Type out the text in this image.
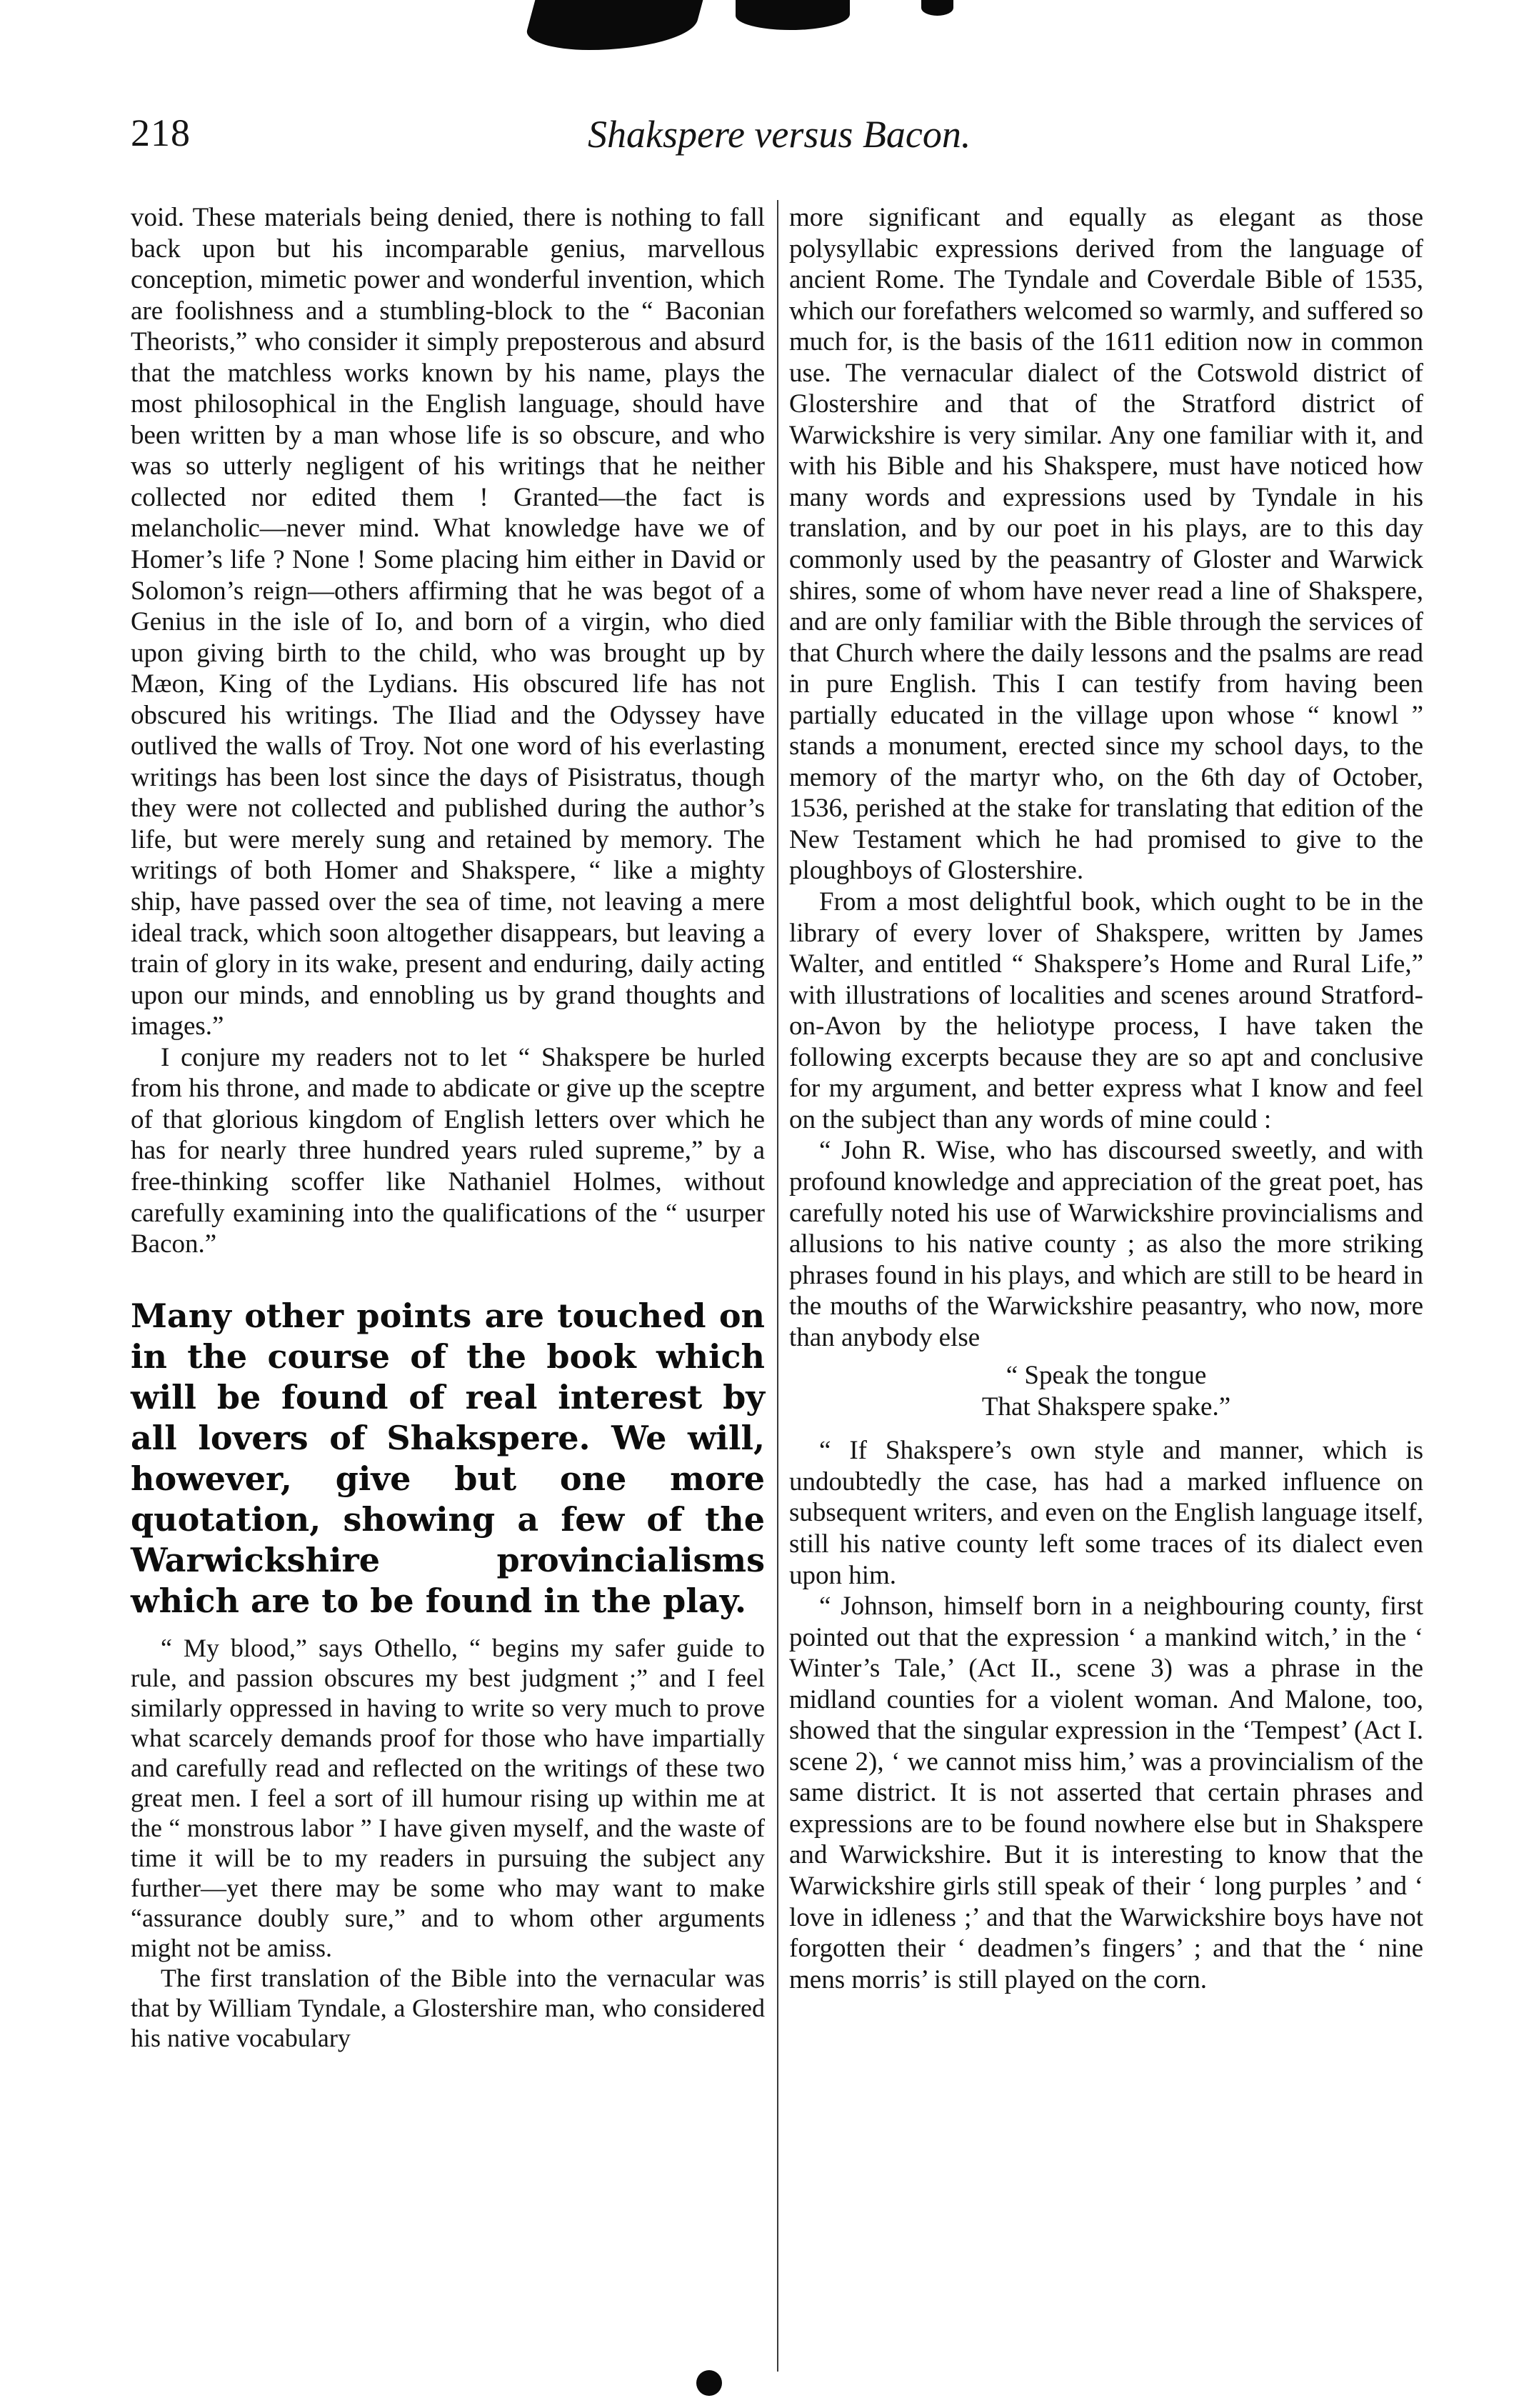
218	Shakspere versus Bacon.

void. These materials being denied, there is nothing to fall back upon but his incomparable genius, marvellous conception, mimetic power and wonderful invention, which are foolishness and a stumbling-block to the “ Baconian Theorists,” who consider it simply preposterous and absurd that the matchless works known by his name, plays the most philosophical in the English language, should have been written by a man whose life is so obscure, and who was so utterly negligent of his writings that he neither collected nor edited them ! Granted—the fact is melancholic—never mind. What knowledge have we of Homer’s life ? None ! Some placing him either in David or Solomon’s reign—others affirming that he was begot of a Genius in the isle of Io, and born of a virgin, who died upon giving birth to the child, who was brought up by Mæon, King of the Lydians. His obscured life has not obscured his writings. The Iliad and the Odyssey have outlived the walls of Troy. Not one word of his everlasting writings has been lost since the days of Pisistratus, though they were not collected and published during the author’s life, but were merely sung and retained by memory. The writings of both Homer and Shakspere, “ like a mighty ship, have passed over the sea of time, not leaving a mere ideal track, which soon altogether disappears, but leaving a train of glory in its wake, present and enduring, daily acting upon our minds, and ennobling us by grand thoughts and images.”

I conjure my readers not to let “ Shakspere be hurled from his throne, and made to abdicate or give up the sceptre of that glorious kingdom of English letters over which he has for nearly three hundred years ruled supreme,” by a free-thinking scoffer like Nathaniel Holmes, without carefully examining into the qualifications of the “ usurper Bacon.”

Many other points are touched on in the course of the book which will be found of real interest by all lovers of Shakspere. We will, however, give but one more quotation, showing a few of the Warwickshire provincialisms which are to be found in the play.

“ My blood,” says Othello, “ begins my safer guide to rule, and passion obscures my best judgment ;” and I feel similarly oppressed in having to write so very much to prove what scarcely demands proof for those who have impartially and carefully read and reflected on the writings of these two great men. I feel a sort of ill humour rising up within me at the “ monstrous labor ” I have given myself, and the waste of time it will be to my readers in pursuing the subject any further—yet there may be some who may want to make “assurance doubly sure,” and to whom other arguments might not be amiss.

The first translation of the Bible into the vernacular was that by William Tyndale, a Glostershire man, who considered his native vocabulary

more significant and equally as elegant as those polysyllabic expressions derived from the language of ancient Rome. The Tyndale and Coverdale Bible of 1535, which our forefathers welcomed so warmly, and suffered so much for, is the basis of the 1611 edition now in common use. The vernacular dialect of the Cotswold district of Glostershire and that of the Stratford district of Warwickshire is very similar. Any one familiar with it, and with his Bible and his Shakspere, must have noticed how many words and expressions used by Tyndale in his translation, and by our poet in his plays, are to this day commonly used by the peasantry of Gloster and Warwick shires, some of whom have never read a line of Shakspere, and are only familiar with the Bible through the services of that Church where the daily lessons and the psalms are read in pure English. This I can testify from having been partially educated in the village upon whose “ knowl ” stands a monument, erected since my school days, to the memory of the martyr who, on the 6th day of October, 1536, perished at the stake for translating that edition of the New Testament which he had promised to give to the ploughboys of Glostershire.

From a most delightful book, which ought to be in the library of every lover of Shakspere, written by James Walter, and entitled “ Shakspere’s Home and Rural Life,” with illustrations of localities and scenes around Stratford-on-Avon by the heliotype process, I have taken the following excerpts because they are so apt and conclusive for my argument, and better express what I know and feel on the subject than any words of mine could :

“ John R. Wise, who has discoursed sweetly, and with profound knowledge and appreciation of the great poet, has carefully noted his use of Warwickshire provincialisms and allusions to his native county ; as also the more striking phrases found in his plays, and which are still to be heard in the mouths of the Warwickshire peasantry, who now, more than anybody else

“ Speak the tongue
That Shakspere spake.”

“ If Shakspere’s own style and manner, which is undoubtedly the case, has had a marked influence on subsequent writers, and even on the English language itself, still his native county left some traces of its dialect even upon him.

“ Johnson, himself born in a neighbouring county, first pointed out that the expression ‘ a mankind witch,’ in the ‘ Winter’s Tale,’ (Act II., scene 3) was a phrase in the midland counties for a violent woman. And Malone, too, showed that the singular expression in the ‘Tempest’ (Act I. scene 2), ‘ we cannot miss him,’ was a provincialism of the same district. It is not asserted that certain phrases and expressions are to be found nowhere else but in Shakspere and Warwickshire. But it is interesting to know that the Warwickshire girls still speak of their ‘ long purples ’ and ‘ love in idleness ;’ and that the Warwickshire boys have not forgotten their ‘ deadmen’s fingers’ ; and that the ‘ nine mens morris’ is still played on the corn.
